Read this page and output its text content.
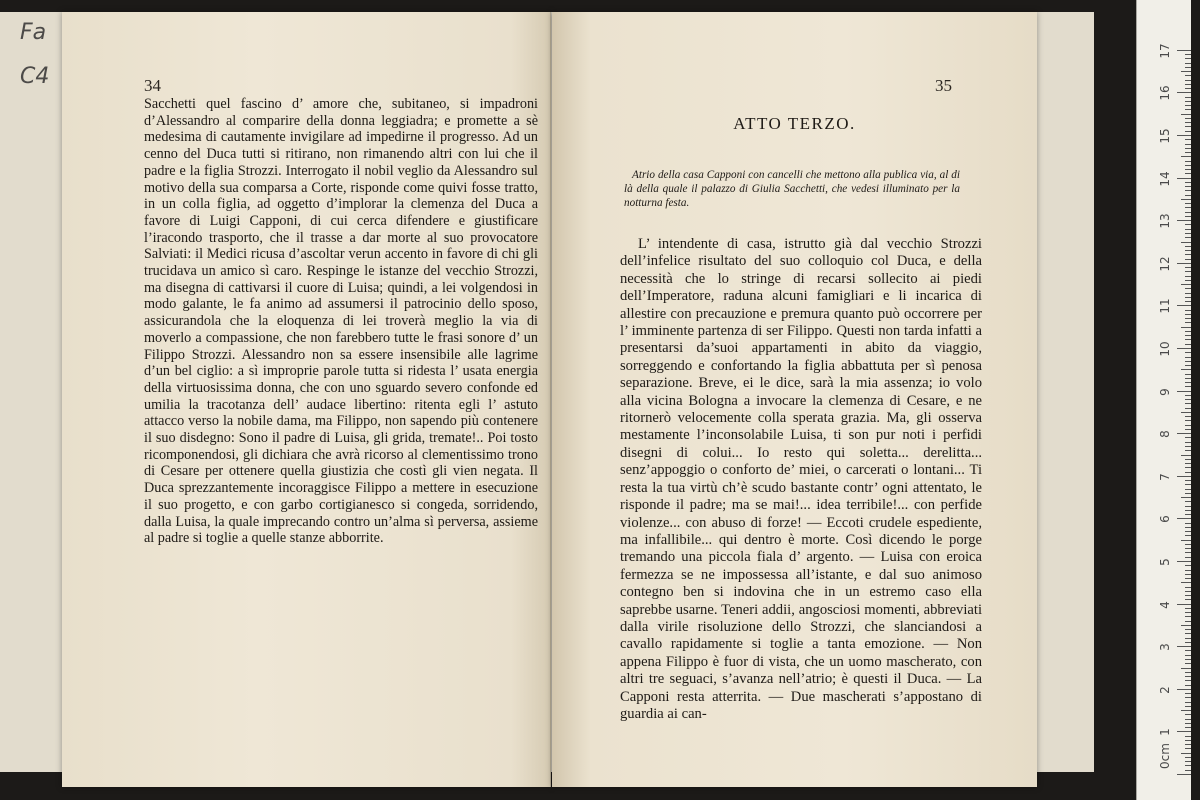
Fa
C4	34

Sacchetti quel fascino d’ amore che, subitaneo, si impadroni d’Alessandro al comparire della donna leggiadra; e promette a sè medesima di cautamente invigilare ad impedirne il progresso. Ad un cenno del Duca tutti si ritirano, non rimanendo altri con lui che il padre e la figlia Strozzi. Interrogato il nobil veglio da Alessandro sul motivo della sua comparsa a Corte, risponde come quivi fosse tratto, in un colla figlia, ad oggetto d’implorar la clemenza del Duca a favore di Luigi Capponi, di cui cerca difendere e giustificare l’iracondo trasporto, che il trasse a dar morte al suo provocatore Salviati: il Medici ricusa d’ascoltar verun accento in favore di chi gli trucidava un amico sì caro. Respinge le istanze del vecchio Strozzi, ma disegna di cattivarsi il cuore di Luisa; quindi, a lei volgendosi in modo galante, le fa animo ad assumersi il patrocinio dello sposo, assicurandola che la eloquenza di lei troverà meglio la via di moverlo a compassione, che non farebbero tutte le frasi sonore d’ un Filippo Strozzi. Alessandro non sa essere insensibile alle lagrime d’un bel ciglio: a sì improprie parole tutta si ridesta l’ usata energia della virtuosissima donna, che con uno sguardo severo confonde ed umilia la tracotanza dell’ audace libertino: ritenta egli l’ astuto attacco verso la nobile dama, ma Filippo, non sapendo più contenere il suo disdegno: Sono il padre di Luisa, gli grida, tremate!.. Poi tosto ricomponendosi, gli dichiara che avrà ricorso al clementissimo trono di Cesare per ottenere quella giustizia che costì gli vien negata. Il Duca sprezzantemente incoraggisce Filippo a mettere in esecuzione il suo progetto, e con garbo cortigianesco si congeda, sorridendo, dalla Luisa, la quale imprecando contro un’alma sì perversa, assieme al padre si toglie a quelle stanze abborrite.

35
ATTO TERZO.

Atrio della casa Capponi con cancelli che mettono alla publica via, al di là della quale il palazzo di Giulia Sacchetti, che vedesi illuminato per la notturna festa.

L’ intendente di casa, istrutto già dal vecchio Strozzi dell’infelice risultato del suo colloquio col Duca, e della necessità che lo stringe di recarsi sollecito ai piedi dell’Imperatore, raduna alcuni famigliari e li incarica di allestire con precauzione e premura quanto può occorrere per l’ imminente partenza di ser Filippo. Questi non tarda infatti a presentarsi da’suoi appartamenti in abito da viaggio, sorreggendo e confortando la figlia abbattuta per sì penosa separazione. Breve, ei le dice, sarà la mia assenza; io volo alla vicina Bologna a invocare la clemenza di Cesare, e ne ritornerò velocemente colla sperata grazia. Ma, gli osserva mestamente l’inconsolabile Luisa, ti son pur noti i perfidi disegni di colui... Io resto qui soletta... derelitta... senz’appoggio o conforto de’ miei, o carcerati o lontani... Ti resta la tua virtù ch’è scudo bastante contr’ ogni attentato, le risponde il padre; ma se mai!... idea terribile!... con perfide violenze... con abuso di forze! — Eccoti crudele espediente, ma infallibile... qui dentro è morte. Così dicendo le porge tremando una piccola fiala d’ argento. — Luisa con eroica fermezza se ne impossessa all’istante, e dal suo animoso contegno ben si indovina che in un estremo caso ella saprebbe usarne. Teneri addii, angosciosi momenti, abbreviati dalla virile risoluzione dello Strozzi, che slanciandosi a cavallo rapidamente si toglie a tanta emozione. — Non appena Filippo è fuor di vista, che un uomo mascherato, con altri tre seguaci, s’avanza nell’atrio; è questi il Duca. — La Capponi resta atterrita. — Due mascherati s’appostano di guardia ai can-

0cm
1
2
3
4
5
6
7
8
9
10
11
12
13
14
15
16
17
